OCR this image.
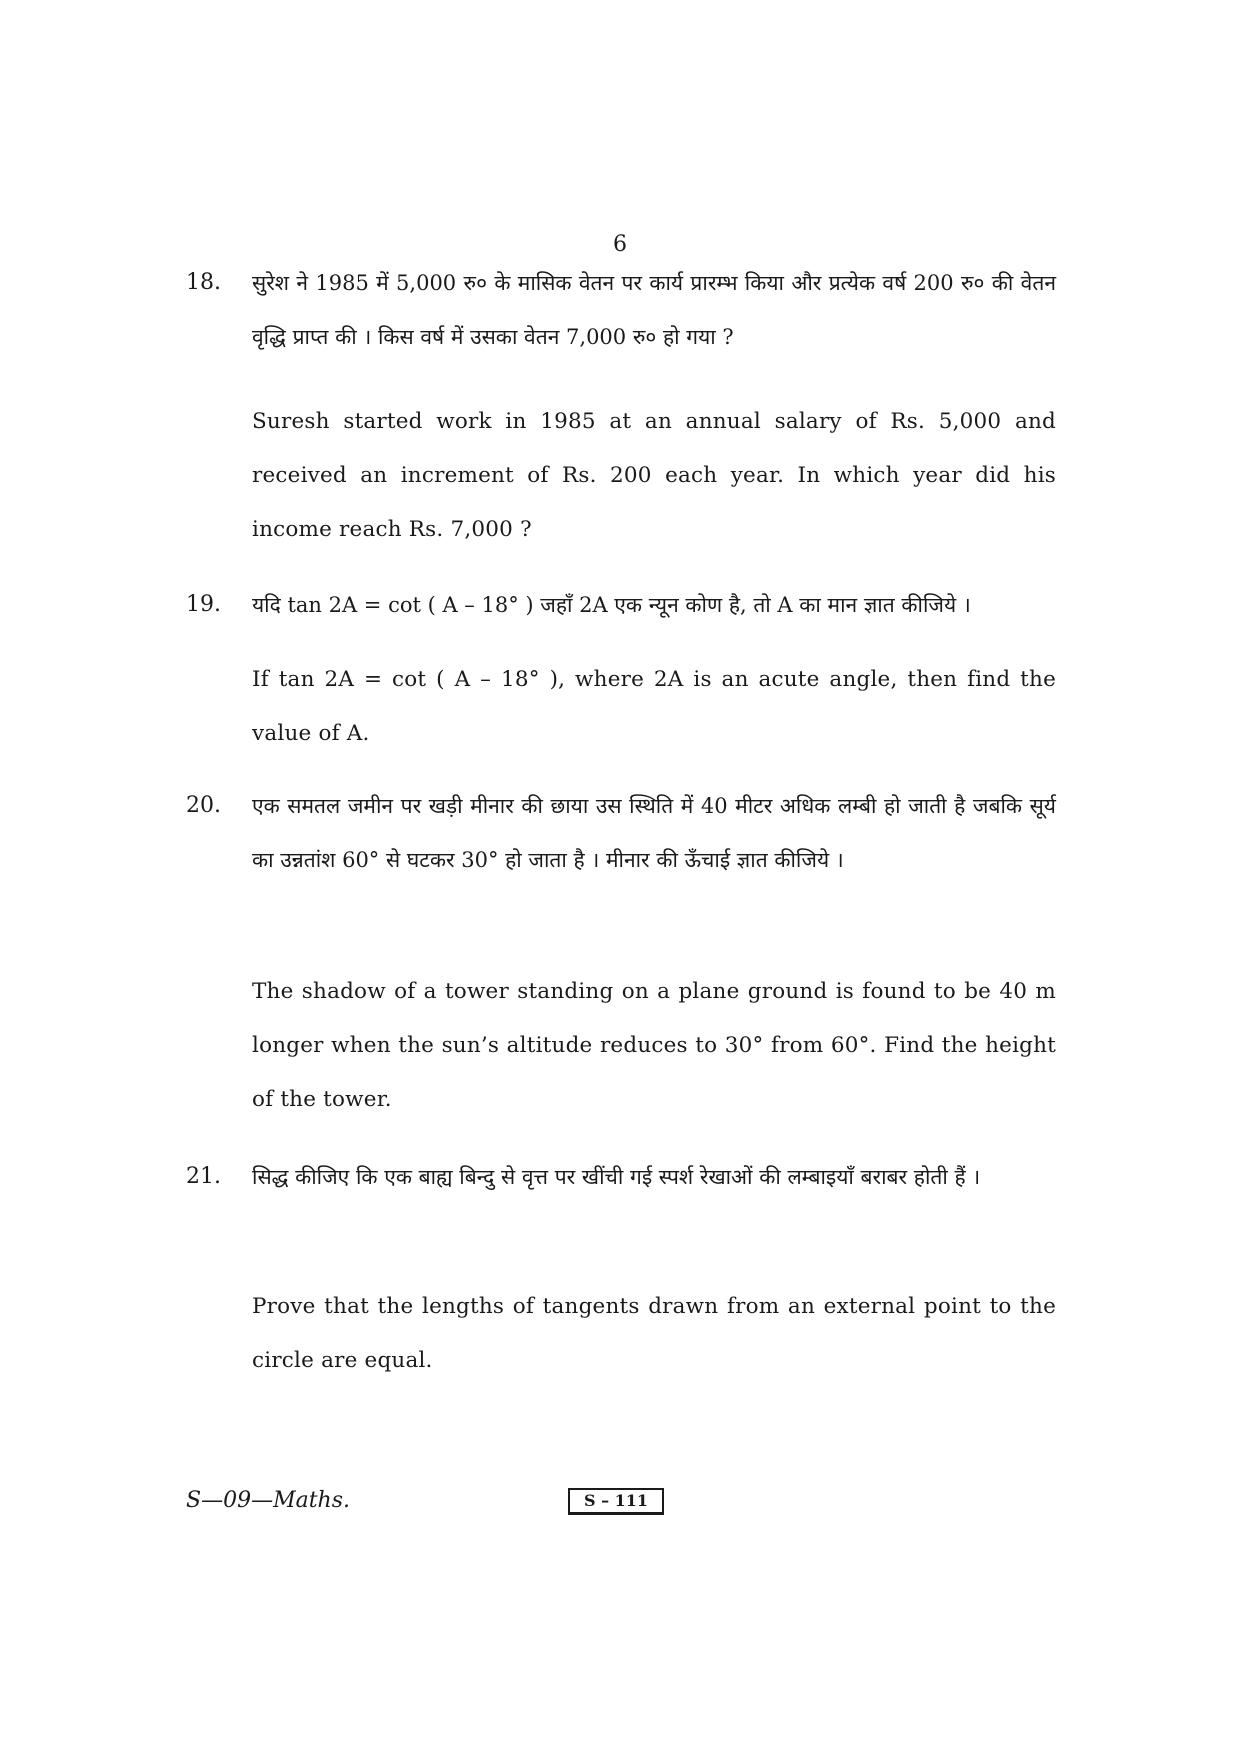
6
18. सुरेश ने 1985 में 5,000 रु० के मासिक वेतन पर कार्य प्रारम्भ किया और प्रत्येक वर्ष 200 रु० की वेतन वृद्धि प्राप्त की । किस वर्ष में उसका वेतन 7,000 रु० हो गया ?
Suresh started work in 1985 at an annual salary of Rs. 5,000 and received an increment of Rs. 200 each year. In which year did his income reach Rs. 7,000 ?
19. यदि tan 2A = cot ( A – 18° ) जहाँ 2A एक न्यून कोण है, तो A का मान ज्ञात कीजिये ।
If tan 2A = cot ( A – 18° ), where 2A is an acute angle, then find the value of A.
20. एक समतल जमीन पर खड़ी मीनार की छाया उस स्थिति में 40 मीटर अधिक लम्बी हो जाती है जबकि सूर्य का उन्नतांश 60° से घटकर 30° हो जाता है । मीनार की ऊँचाई ज्ञात कीजिये ।
The shadow of a tower standing on a plane ground is found to be 40 m longer when the sun’s altitude reduces to 30° from 60°. Find the height of the tower.
21. सिद्ध कीजिए कि एक बाह्य बिन्दु से वृत्त पर खींची गई स्पर्श रेखाओं की लम्बाइयाँ बराबर होती हैं ।
Prove that the lengths of tangents drawn from an external point to the circle are equal.
S—09—Maths.	S – 111
